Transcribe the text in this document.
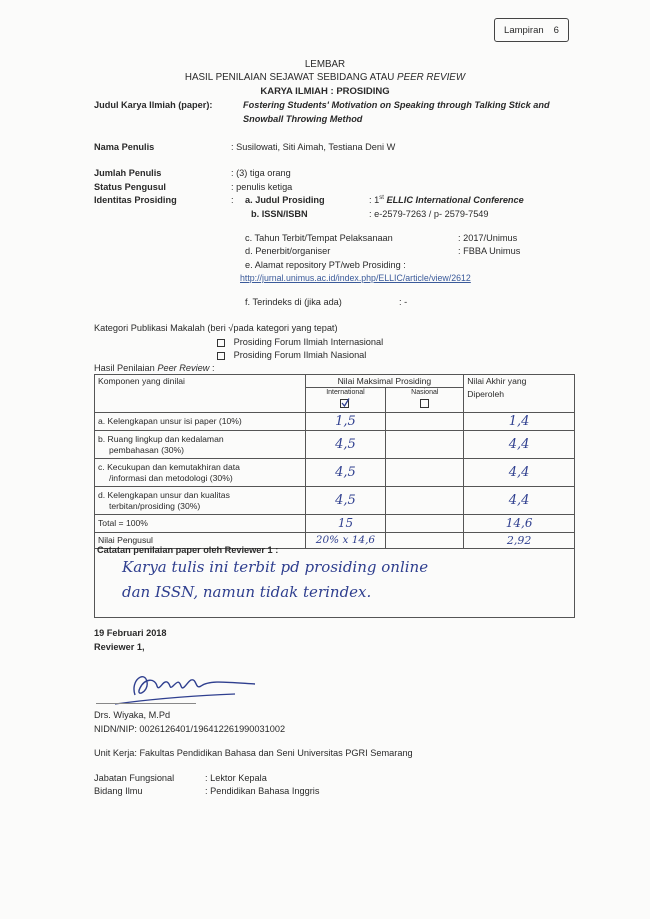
Lampiran 6
LEMBAR
HASIL PENILAIAN SEJAWAT SEBIDANG ATAU PEER REVIEW
KARYA ILMIAH : PROSIDING
Judul Karya Ilmiah (paper):	Fostering Students' Motivation on Speaking through Talking Stick and
Snowball Throwing Method
Nama Penulis	: Susilowati, Siti Aimah, Testiana Deni W
Jumlah Penulis	: (3) tiga orang
Status Pengusul	: penulis ketiga
Identitas Prosiding	: a. Judul Prosiding	: 1st ELLIC International Conference
b. ISSN/ISBN	: e-2579-7263 / p- 2579-7549
c. Tahun Terbit/Tempat Pelaksanaan	: 2017/Unimus
d. Penerbit/organiser	: FBBA Unimus
e. Alamat repository PT/web Prosiding :
http://jurnal.unimus.ac.id/index.php/ELLIC/article/view/2612
f. Terindeks di (jika ada)	: -
Kategori Publikasi Makalah (beri √pada kategori yang tepat)
Prosiding Forum Ilmiah Internasional
Prosiding Forum Ilmiah Nasional
Hasil Penilaian Peer Review :
Komponen yang dinilai	Nilai Maksimal Prosiding		Nilai Akhir yang

	International	Nasional	Diperoleh
a. Kelengkapan unsur isi paper (10%)	1,5		1,4

b. Ruang lingkup dan kedalaman
pembahasan (30%)	4,5		4,4

c. Kecukupan dan kemutakhiran data
/informasi dan metodologi (30%)	4,5		4,4

d. Kelengkapan unsur dan kualitas
terbitan/prosiding (30%)	4,5		4,4
Total = 100%	15		14,6
Nilai Pengusul	20% x 14,6		2,92
Catatan penilaian paper oleh Reviewer 1 :
Karya tulis ini terbit pd prosiding online
dan ISSN, namun tidak terindex.
19 Februari 2018
Reviewer 1,
Drs. Wiyaka, M.Pd
NIDN/NIP: 0026126401/196412261990031002
Unit Kerja: Fakultas Pendidikan Bahasa dan Seni Universitas PGRI Semarang
Jabatan Fungsional	: Lektor Kepala
Bidang Ilmu	: Pendidikan Bahasa Inggris
